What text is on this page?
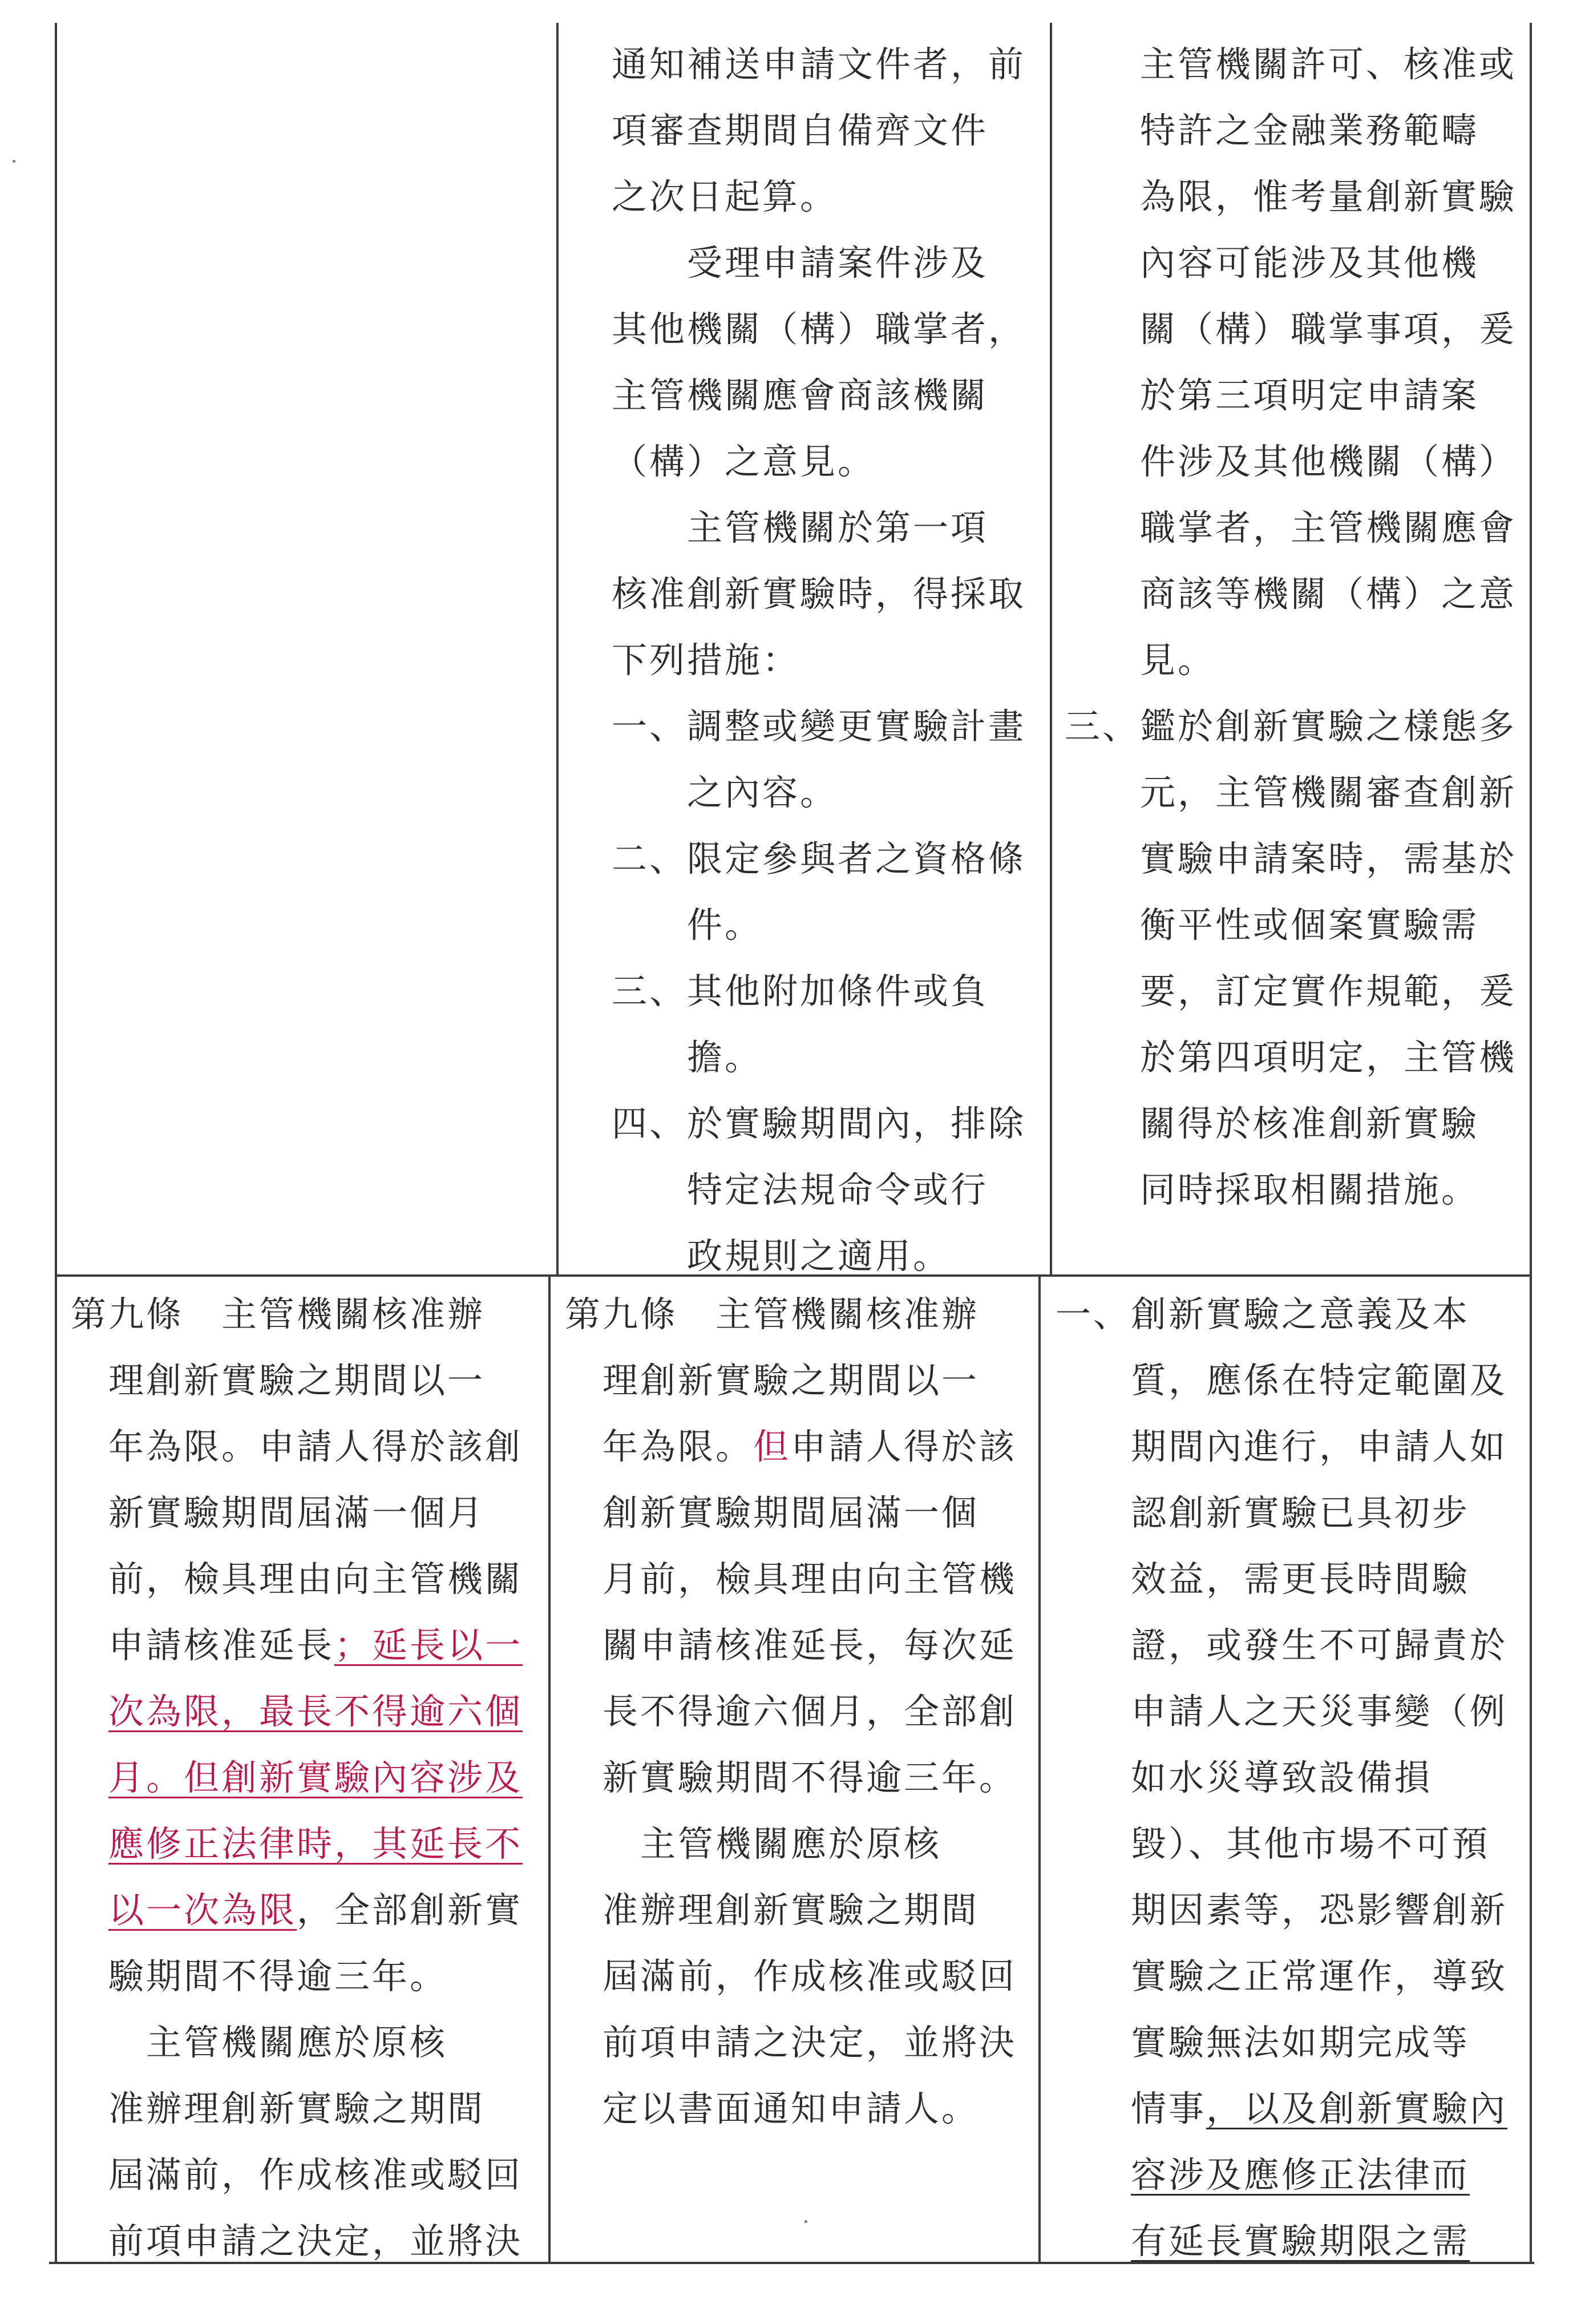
通知補送申請文件者，前
項審查期間自備齊文件
之次日起算。
　　受理申請案件涉及
其他機關（構）職掌者，
主管機關應會商該機關
（構）之意見。
　　主管機關於第一項
核准創新實驗時，得採取
下列措施：
一、調整或變更實驗計畫
　　之內容。
二、限定參與者之資格條
　　件。
三、其他附加條件或負
　　擔。
四、於實驗期間內，排除
　　特定法規命令或行
　　政規則之適用。
　　主管機關許可、核准或
　　特許之金融業務範疇
　　為限，惟考量創新實驗
　　內容可能涉及其他機
　　關（構）職掌事項，爰
　　於第三項明定申請案
　　件涉及其他機關（構）
　　職掌者，主管機關應會
　　商該等機關（構）之意
　　見。
三、鑑於創新實驗之樣態多
　　元，主管機關審查創新
　　實驗申請案時，需基於
　　衡平性或個案實驗需
　　要，訂定實作規範，爰
　　於第四項明定，主管機
　　關得於核准創新實驗
　　同時採取相關措施。
第九條　主管機關核准辦
　理創新實驗之期間以一
　年為限。申請人得於該創
　新實驗期間屆滿一個月
　前，檢具理由向主管機關
　申請核准延長；延長以一
　次為限，最長不得逾六個
　月。但創新實驗內容涉及
　應修正法律時，其延長不
　以一次為限，全部創新實
　驗期間不得逾三年。
　　主管機關應於原核
　准辦理創新實驗之期間
　屆滿前，作成核准或駁回
　前項申請之決定，並將決
第九條　主管機關核准辦
　理創新實驗之期間以一
　年為限。但申請人得於該
　創新實驗期間屆滿一個
　月前，檢具理由向主管機
　關申請核准延長，每次延
　長不得逾六個月，全部創
　新實驗期間不得逾三年。
　　主管機關應於原核
　准辦理創新實驗之期間
　屆滿前，作成核准或駁回
　前項申請之決定，並將決
　定以書面通知申請人。
一、創新實驗之意義及本
　　質，應係在特定範圍及
　　期間內進行，申請人如
　　認創新實驗已具初步
　　效益，需更長時間驗
　　證，或發生不可歸責於
　　申請人之天災事變（例
　　如水災導致設備損
　　毀）、其他市場不可預
　　期因素等，恐影響創新
　　實驗之正常運作，導致
　　實驗無法如期完成等
　　情事，以及創新實驗內
　　容涉及應修正法律而
　　有延長實驗期限之需
